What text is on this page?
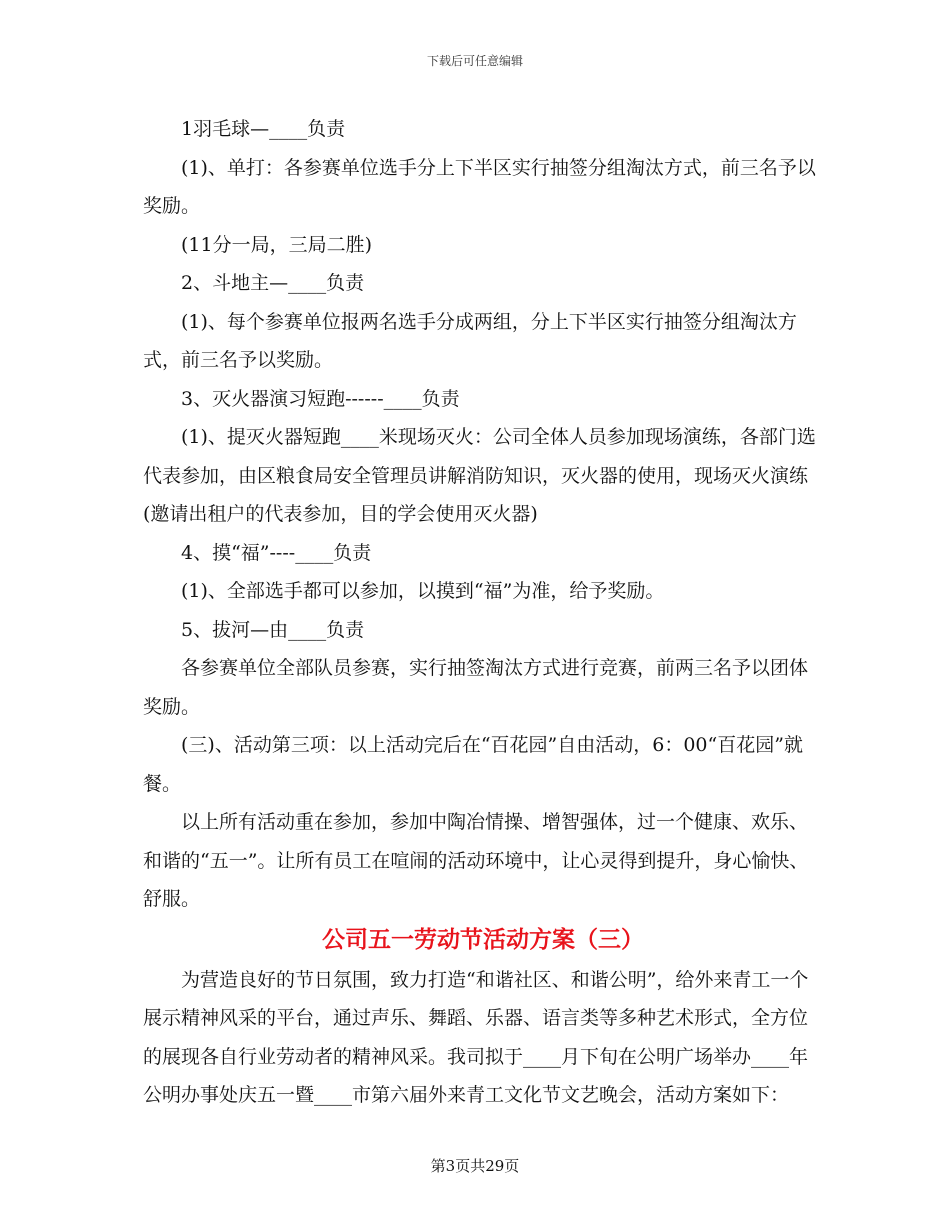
下载后可任意编辑

1羽毛球—____负责

(1)、单打：各参赛单位选手分上下半区实行抽签分组淘汰方式，前三名予以奖励。

(11分一局，三局二胜)

2、斗地主—____负责

(1)、每个参赛单位报两名选手分成两组，分上下半区实行抽签分组淘汰方式，前三名予以奖励。

3、灭火器演习短跑------____负责

(1)、提灭火器短跑____米现场灭火：公司全体人员参加现场演练，各部门选代表参加，由区粮食局安全管理员讲解消防知识，灭火器的使用，现场灭火演练(邀请出租户的代表参加，目的学会使用灭火器)

4、摸“福”----____负责

(1)、全部选手都可以参加，以摸到“福”为准，给予奖励。

5、拔河—由____负责

各参赛单位全部队员参赛，实行抽签淘汰方式进行竞赛，前两三名予以团体奖励。

(三)、活动第三项：以上活动完后在“百花园”自由活动，6：00“百花园”就餐。

以上所有活动重在参加，参加中陶冶情操、增智强体，过一个健康、欢乐、和谐的“五一”。让所有员工在喧闹的活动环境中，让心灵得到提升，身心愉快、舒服。

公司五一劳动节活动方案（三）

为营造良好的节日氛围，致力打造“和谐社区、和谐公明”，给外来青工一个展示精神风采的平台，通过声乐、舞蹈、乐器、语言类等多种艺术形式，全方位的展现各自行业劳动者的精神风采。我司拟于____月下旬在公明广场举办____年公明办事处庆五一暨____市第六届外来青工文化节文艺晚会，活动方案如下：

第3页共29页
